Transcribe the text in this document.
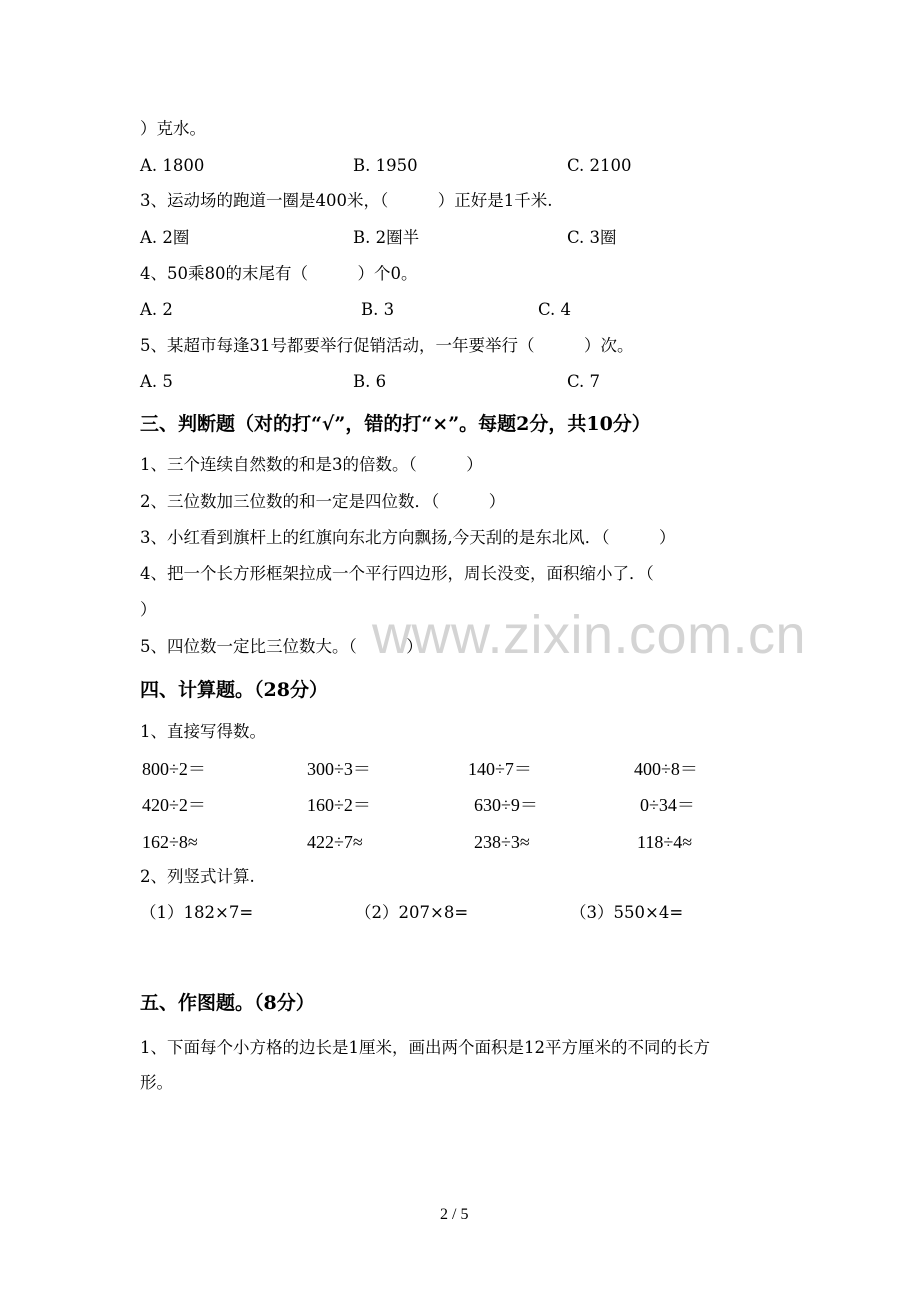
）克水。
A. 1800	B. 1950	C. 2100
3、运动场的跑道一圈是400米，（　　　）正好是1千米.
A. 2圈	B. 2圈半	C. 3圈
4、50乘80的末尾有（　　　）个0。
A. 2	B. 3	C. 4
5、某超市每逢31号都要举行促销活动，一年要举行（　　　）次。
A. 5	B. 6	C. 7
三、判断题（对的打“√”，错的打“×”。每题2分，共10分）
1、三个连续自然数的和是3的倍数。（　　　）
2、三位数加三位数的和一定是四位数．（　　　）
3、小红看到旗杆上的红旗向东北方向飘扬,今天刮的是东北风．（　　　）
4、把一个长方形框架拉成一个平行四边形，周长没变，面积缩小了．（
）
5、四位数一定比三位数大。（　　　）
www.zixin.com.cn
四、计算题。（28分）
1、直接写得数。
800÷2＝	300÷3＝	140÷7＝	400÷8＝
420÷2＝	160÷2＝	630÷9＝	0÷34＝
162÷8≈	422÷7≈	238÷3≈	118÷4≈
2、列竖式计算.
（1）182×7=	（2）207×8=	（3）550×4=
五、作图题。（8分）
1、下面每个小方格的边长是1厘米，画出两个面积是12平方厘米的不同的长方
形。
2 / 5
